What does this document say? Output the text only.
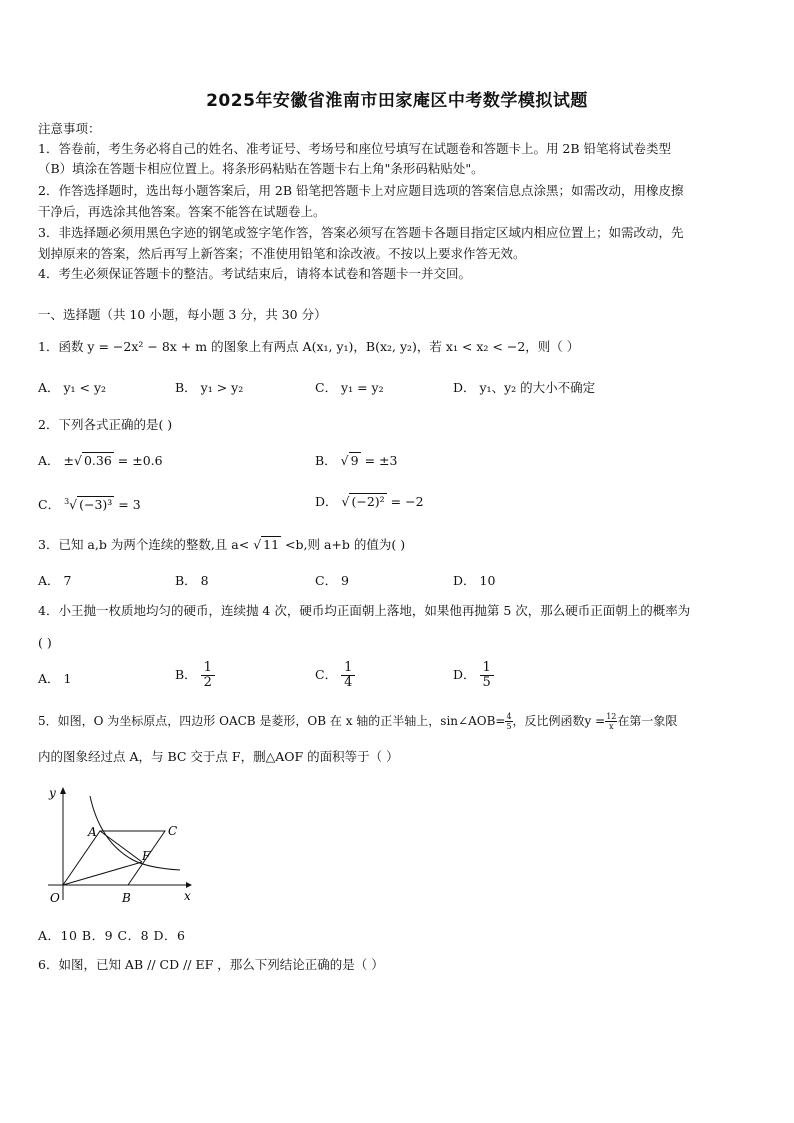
2025年安徽省淮南市田家庵区中考数学模拟试题
注意事项：
1．答卷前，考生务必将自己的姓名、准考证号、考场号和座位号填写在试题卷和答题卡上。用 2B 铅笔将试卷类型
（B）填涂在答题卡相应位置上。将条形码粘贴在答题卡右上角"条形码粘贴处"。
2．作答选择题时，选出每小题答案后，用 2B 铅笔把答题卡上对应题目选项的答案信息点涂黑；如需改动，用橡皮擦
干净后，再选涂其他答案。答案不能答在试题卷上。
3．非选择题必须用黑色字迹的钢笔或签字笔作答，答案必须写在答题卡各题目指定区域内相应位置上；如需改动，先
划掉原来的答案，然后再写上新答案；不准使用铅笔和涂改液。不按以上要求作答无效。
4．考生必须保证答题卡的整洁。考试结束后，请将本试卷和答题卡一并交回。
一、选择题（共 10 小题，每小题 3 分，共 30 分）
1．函数 y = −2x² − 8x + m 的图象上有两点 A(x₁, y₁)，B(x₂, y₂)，若 x₁ < x₂ < −2，则（ ）
A． y₁ < y₂	B． y₁ > y₂	C． y₁ = y₂	D． y₁、y₂ 的大小不确定
2．下列各式正确的是( )
A． ±√ 0.36 = ±0.6	B． √ 9 = ±3
C． $^3$√ (−3)³ = 3	D． √ (−2)² = −2
3．已知 a,b 为两个连续的整数,且 a< √ 11 <b,则 a+b 的值为( )
A． 7	B． 8	C． 9	D． 10
4．小王抛一枚质地均匀的硬币，连续抛 4 次，硬币均正面朝上落地，如果他再抛第 5 次，那么硬币正面朝上的概率为
( )
A． 1	B． $\frac{1}{2}$	C． $\frac{1}{4}$	D． $\frac{1}{5}$
5．如图，O 为坐标原点，四边形 OACB 是菱形，OB 在 x 轴的正半轴上，sin∠AOB= $\frac{4}{5}$ ，反比例函数$y = \frac{12}{x}$ 在第一象限
内的图象经过点 A，与 BC 交于点 F，删△AOF 的面积等于（ ）
y
x
O
A
B
C
F
A．10 B．9 C．8 D．6
6．如图，已知 AB // CD // EF ，那么下列结论正确的是（ ）
